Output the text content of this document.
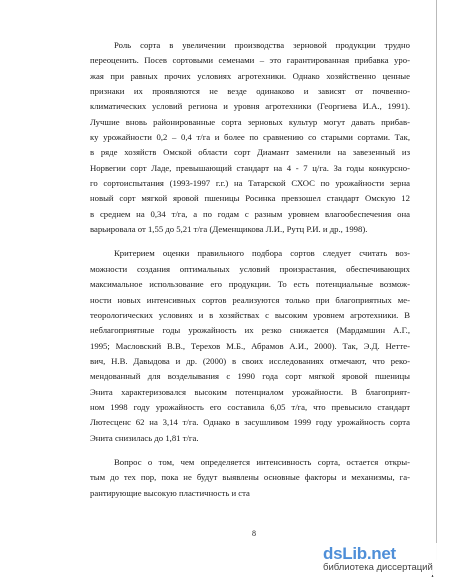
Роль сорта в увеличении производства зерновой продукции трудно
переоценить. Посев сортовыми семенами – это гарантированная прибавка уро-
жая при равных прочих условиях агротехники. Однако хозяйственно ценные
признаки их проявляются не везде одинаково и зависят от почвенно-
климатических условий региона и уровня агротехники (Георгиева И.А., 1991).
Лучшие вновь районированные сорта зерновых культур могут давать прибав-
ку урожайности 0,2 – 0,4 т/га и более по сравнению со старыми сортами. Так,
в ряде хозяйств Омской области сорт Диамант заменили на завезенный из
Норвегии сорт Ладе, превышающий стандарт на 4 - 7 ц/га. За годы конкурсно-
го сортоиспытания (1993-1997 г.г.) на Татарской СХОС по урожайности зерна
новый сорт мягкой яровой пшеницы Росинка превзошел стандарт Омскую 12
в среднем на 0,34 т/га, а по годам с разным уровнем влагообеспечения она
варьировала от 1,55 до 5,21 т/га (Деменщикова Л.И., Рутц Р.И. и др., 1998).
Критерием оценки правильного подбора сортов следует считать воз-
можности создания оптимальных условий произрастания, обеспечивающих
максимальное использование его продукции. То есть потенциальные возмож-
ности новых интенсивных сортов реализуются только при благоприятных ме-
теорологических условиях и в хозяйствах с высоким уровнем агротехники. В
неблагоприятные годы урожайность их резко снижается (Мардамшин А.Г.,
1995; Масловский В.В., Терехов М.Б., Абрамов А.И., 2000). Так, Э.Д. Неттe-
вич, Н.В. Давыдова и др. (2000) в своих исследованиях отмечают, что реко-
мендованный для возделывания с 1990 года сорт мягкой яровой пшеницы
Энита характеризовался высоким потенциалом урожайности. В благоприят-
ном 1998 году урожайность его составила 6,05 т/га, что превысило стандарт
Лютесценс 62 на 3,14 т/га. Однако в засушливом 1999 году урожайность сорта
Энита снизилась до 1,81 т/га.
Вопрос о том, чем определяется интенсивность сорта, остается откры-
тым до тех пор, пока не будут выявлены основные факторы и механизмы, га-
рантирующие высокую пластичность и ста
8
dsLib.net
библиотека диссертаций
